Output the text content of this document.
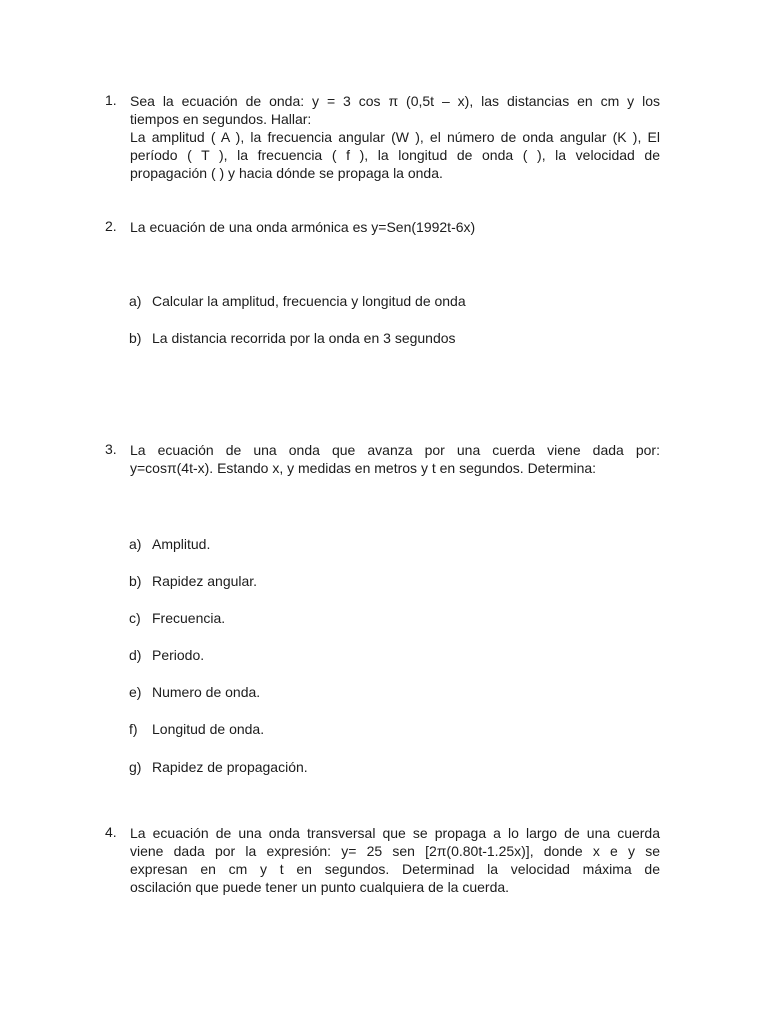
1. Sea la ecuación de onda: y = 3 cos π (0,5t – x), las distancias en cm y los

tiempos en segundos. Hallar:

La amplitud ( A ), la frecuencia angular (W ), el número de onda angular (K ), El

período ( T ), la frecuencia ( f ), la longitud de onda ( ), la velocidad de

propagación ( ) y hacia dónde se propaga la onda.

2. La ecuación de una onda armónica es y=Sen(1992t-6x)

a) Calcular la amplitud, frecuencia y longitud de onda
b) La distancia recorrida por la onda en 3 segundos
3. La ecuación de una onda que avanza por una cuerda viene dada por:

y=cosπ(4t-x). Estando x, y medidas en metros y t en segundos. Determina:

a) Amplitud.
b) Rapidez angular.
c) Frecuencia.
d) Periodo.
e) Numero de onda.
f) Longitud de onda.
g) Rapidez de propagación.
4. La ecuación de una onda transversal que se propaga a lo largo de una cuerda

viene dada por la expresión: y= 25 sen [2π(0.80t-1.25x)], donde x e y se

expresan en cm y t en segundos. Determinad la velocidad máxima de

oscilación que puede tener un punto cualquiera de la cuerda.
